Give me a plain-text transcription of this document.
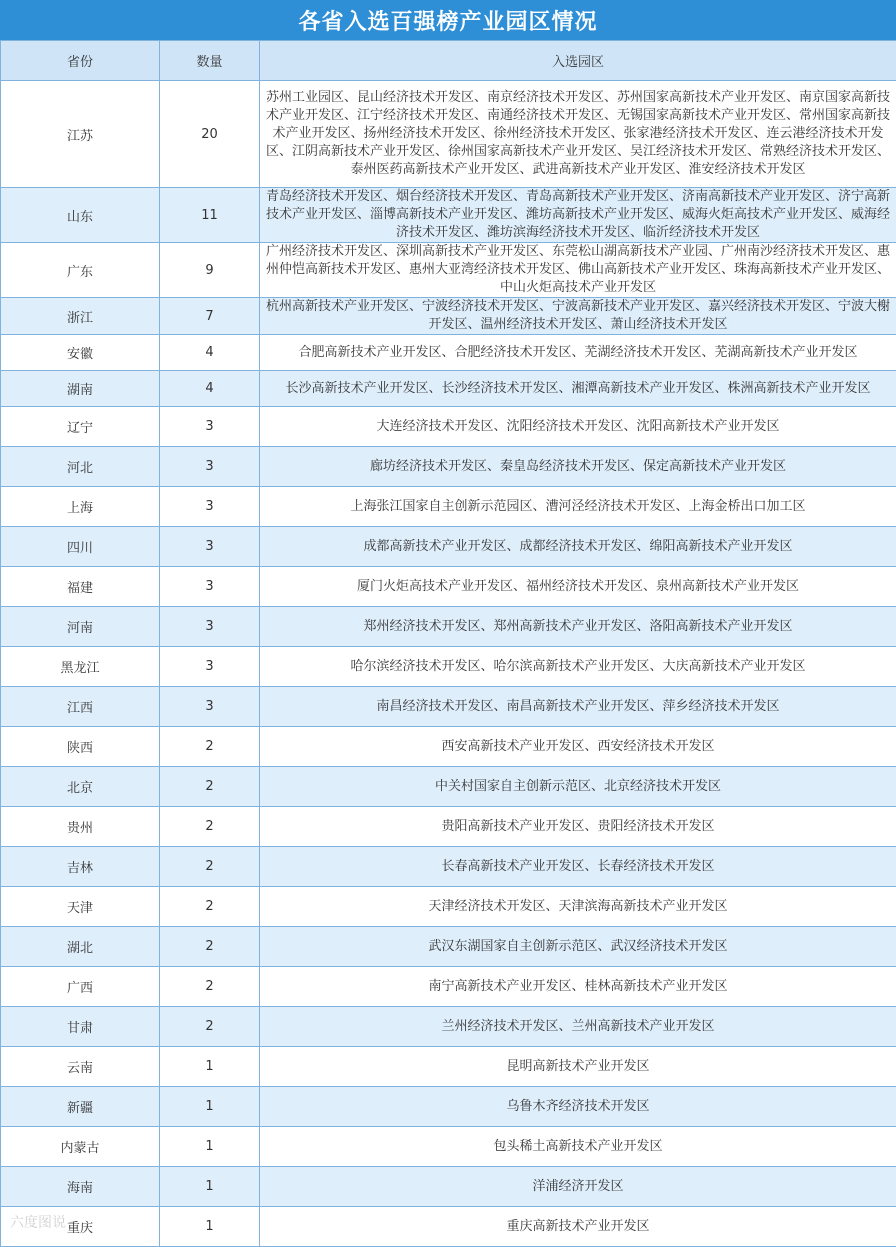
各省入选百强榜产业园区情况
省份	数量	入选园区
江苏	20	苏州工业园区、昆山经济技术开发区、南京经济技术开发区、苏州国家高新技术产业开发区、南京国家高新技术产业开发区、江宁经济技术开发区、南通经济技术开发区、无锡国家高新技术产业开发区、常州国家高新技术产业开发区、扬州经济技术开发区、徐州经济技术开发区、张家港经济技术开发区、连云港经济技术开发区、江阴高新技术产业开发区、徐州国家高新技术产业开发区、吴江经济技术开发区、常熟经济技术开发区、泰州医药高新技术产业开发区、武进高新技术产业开发区、淮安经济技术开发区
山东	11	青岛经济技术开发区、烟台经济技术开发区、青岛高新技术产业开发区、济南高新技术产业开发区、济宁高新技术产业开发区、淄博高新技术产业开发区、潍坊高新技术产业开发区、威海火炬高技术产业开发区、威海经济技术开发区、潍坊滨海经济技术开发区、临沂经济技术开发区
广东	9	广州经济技术开发区、深圳高新技术产业开发区、东莞松山湖高新技术产业园、广州南沙经济技术开发区、惠州仲恺高新技术开发区、惠州大亚湾经济技术开发区、佛山高新技术产业开发区、珠海高新技术产业开发区、中山火炬高技术产业开发区
浙江	7	杭州高新技术产业开发区、宁波经济技术开发区、宁波高新技术产业开发区、嘉兴经济技术开发区、宁波大榭开发区、温州经济技术开发区、萧山经济技术开发区
安徽	4	合肥高新技术产业开发区、合肥经济技术开发区、芜湖经济技术开发区、芜湖高新技术产业开发区
湖南	4	长沙高新技术产业开发区、长沙经济技术开发区、湘潭高新技术产业开发区、株洲高新技术产业开发区
辽宁	3	大连经济技术开发区、沈阳经济技术开发区、沈阳高新技术产业开发区
河北	3	廊坊经济技术开发区、秦皇岛经济技术开发区、保定高新技术产业开发区
上海	3	上海张江国家自主创新示范园区、漕河泾经济技术开发区、上海金桥出口加工区
四川	3	成都高新技术产业开发区、成都经济技术开发区、绵阳高新技术产业开发区
福建	3	厦门火炬高技术产业开发区、福州经济技术开发区、泉州高新技术产业开发区
河南	3	郑州经济技术开发区、郑州高新技术产业开发区、洛阳高新技术产业开发区
黑龙江	3	哈尔滨经济技术开发区、哈尔滨高新技术产业开发区、大庆高新技术产业开发区
江西	3	南昌经济技术开发区、南昌高新技术产业开发区、萍乡经济技术开发区
陕西	2	西安高新技术产业开发区、西安经济技术开发区
北京	2	中关村国家自主创新示范区、北京经济技术开发区
贵州	2	贵阳高新技术产业开发区、贵阳经济技术开发区
吉林	2	长春高新技术产业开发区、长春经济技术开发区
天津	2	天津经济技术开发区、天津滨海高新技术产业开发区
湖北	2	武汉东湖国家自主创新示范区、武汉经济技术开发区
广西	2	南宁高新技术产业开发区、桂林高新技术产业开发区
甘肃	2	兰州经济技术开发区、兰州高新技术产业开发区
云南	1	昆明高新技术产业开发区
新疆	1	乌鲁木齐经济技术开发区
内蒙古	1	包头稀土高新技术产业开发区
海南	1	洋浦经济开发区
重庆	1	重庆高新技术产业开发区
六度图说
